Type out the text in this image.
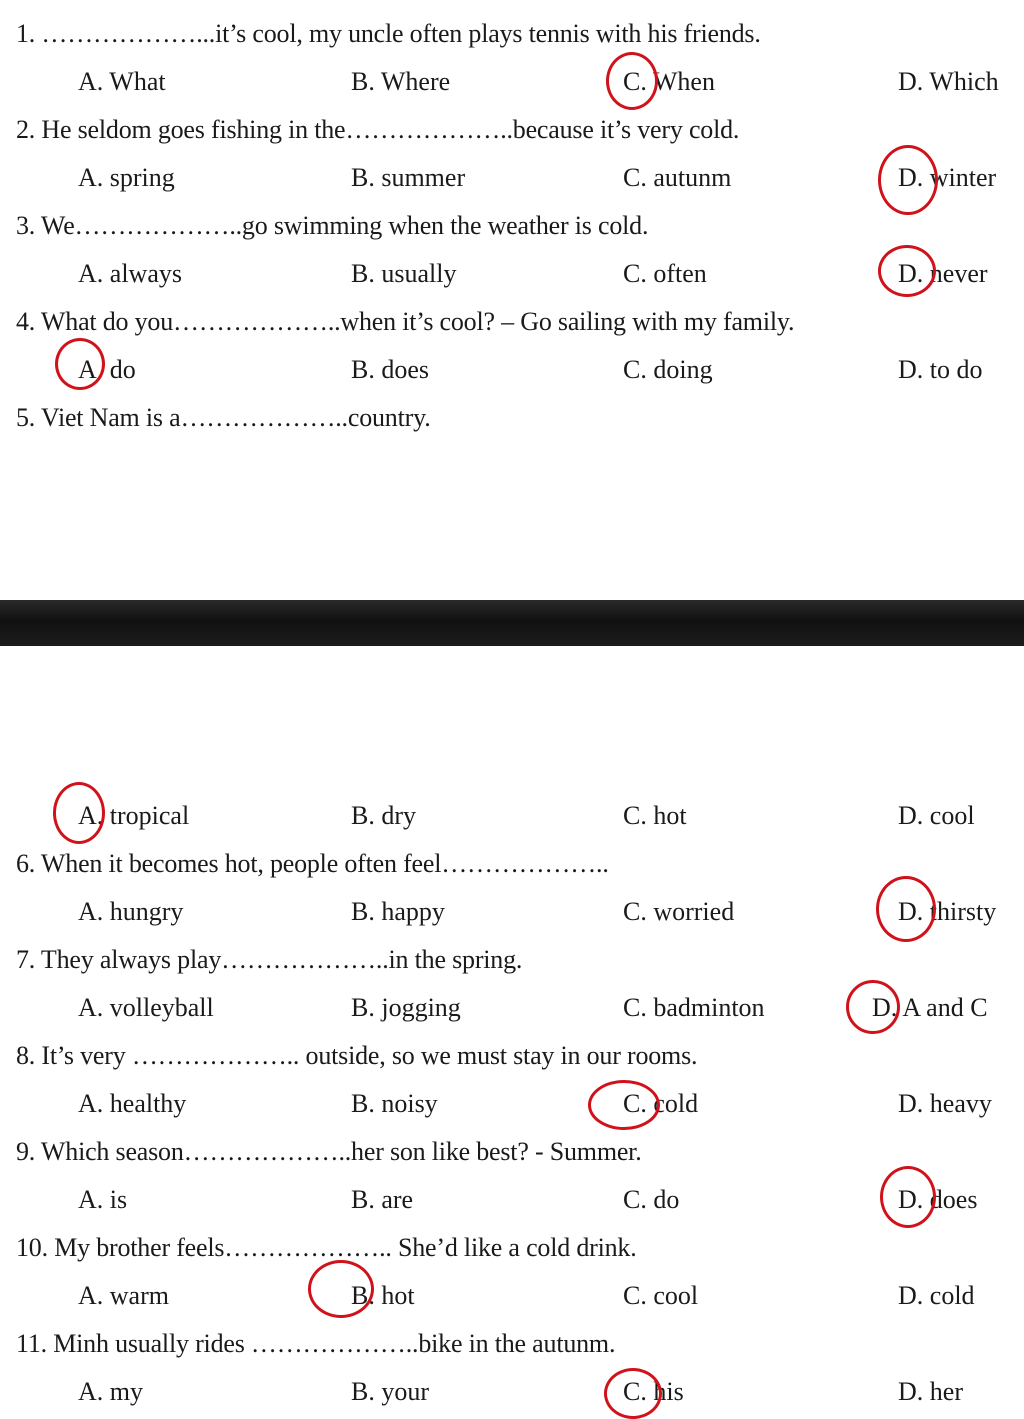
1. ………………...it’s cool, my uncle often plays tennis with his friends.
A. What	B. Where	C. When	D. Which
2. He seldom goes fishing in the………………..because it’s very cold.
A. spring	B. summer	C. autunm	D. winter
3. We………………..go swimming when the weather is cold.
A. always	B. usually	C. often	D. never
4. What do you………………..when it’s cool? – Go sailing with my family.
A. do	B. does	C. doing	D. to do
5. Viet Nam is a………………..country.
A. tropical	B. dry	C. hot	D. cool
6. When it becomes hot, people often feel………………..
A. hungry	B. happy	C. worried	D. thirsty
7. They always play………………..in the spring.
A. volleyball	B. jogging	C. badminton	D. A and C
8. It’s very ……………….. outside, so we must stay in our rooms.
A. healthy	B. noisy	C. cold	D. heavy
9. Which season………………..her son like best? - Summer.
A. is	B. are	C. do	D. does
10. My brother feels……………….. She’d like a cold drink.
A. warm	B. hot	C. cool	D. cold
11. Minh usually rides ………………..bike in the autunm.
A. my	B. your	C. his	D. her
